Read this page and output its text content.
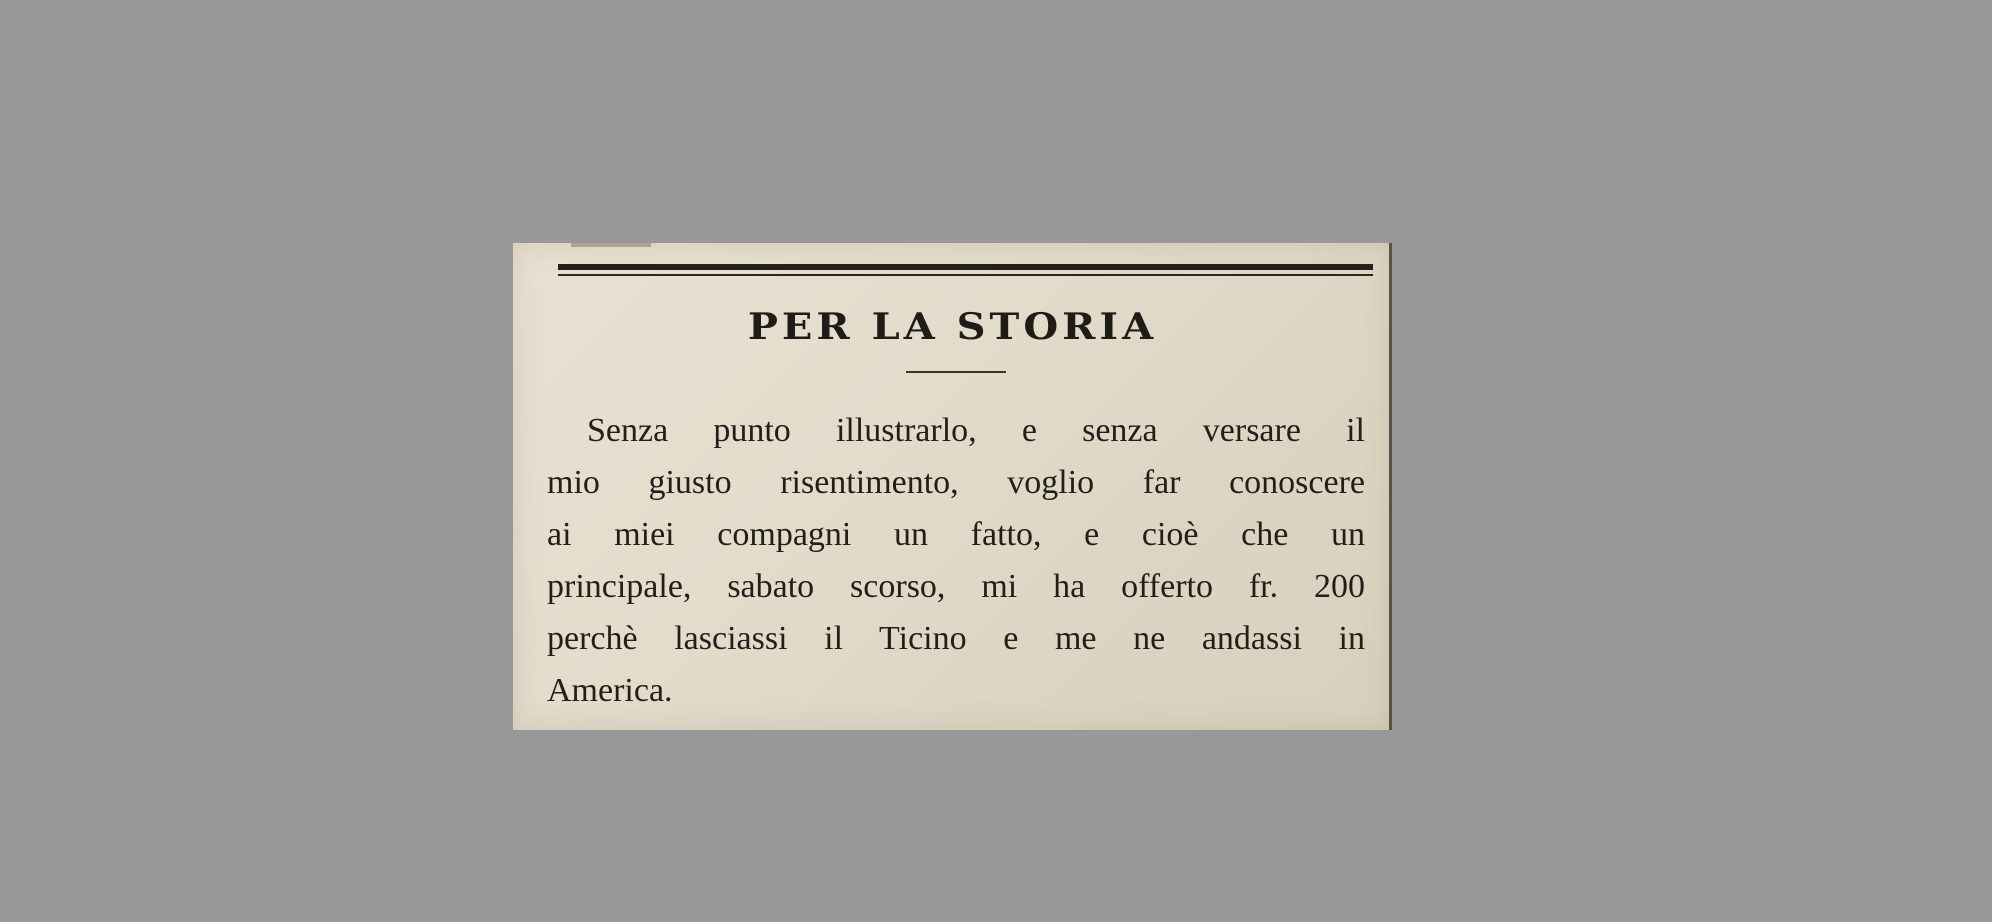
PER LA STORIA
Senza punto illustrarlo, e senza versare il
mio giusto risentimento, voglio far conoscere
ai miei compagni un fatto, e cioè che un
principale, sabato scorso, mi ha offerto fr. 200
perchè lasciassi il Ticino e me ne andassi in
America.
